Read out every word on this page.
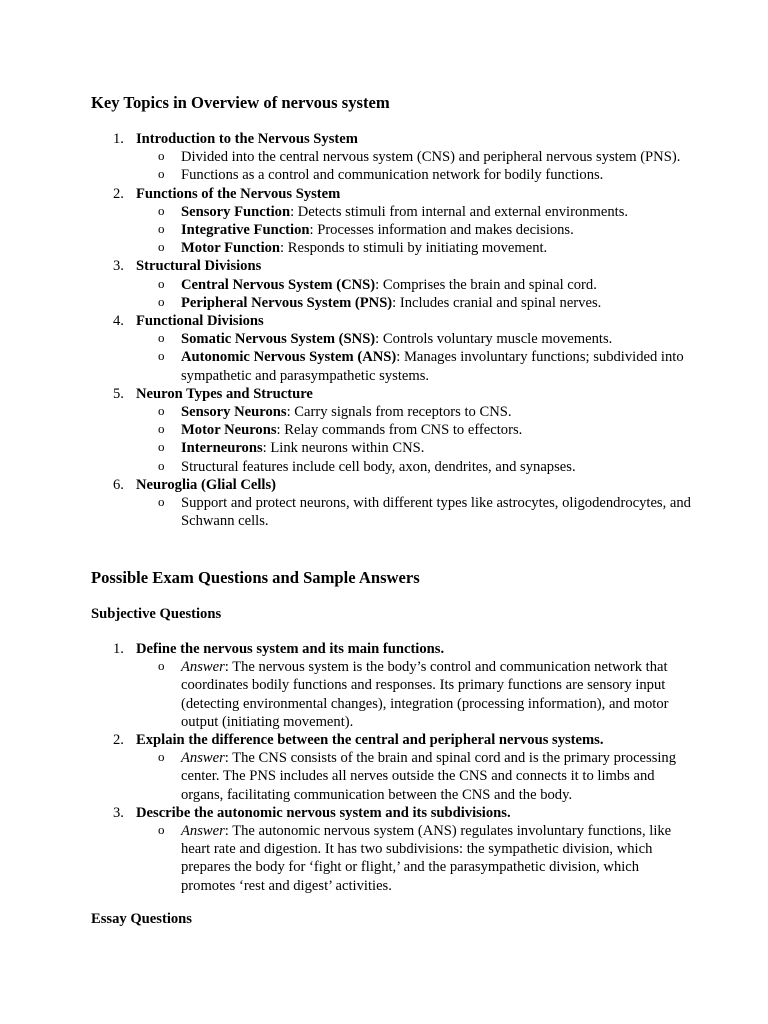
Key Topics in Overview of nervous system
1. Introduction to the Nervous System
o Divided into the central nervous system (CNS) and peripheral nervous system (PNS).
o Functions as a control and communication network for bodily functions.
2. Functions of the Nervous System
o Sensory Function: Detects stimuli from internal and external environments.
o Integrative Function: Processes information and makes decisions.
o Motor Function: Responds to stimuli by initiating movement.
3. Structural Divisions
o Central Nervous System (CNS): Comprises the brain and spinal cord.
o Peripheral Nervous System (PNS): Includes cranial and spinal nerves.
4. Functional Divisions
o Somatic Nervous System (SNS): Controls voluntary muscle movements.
o Autonomic Nervous System (ANS): Manages involuntary functions; subdivided into sympathetic and parasympathetic systems.
5. Neuron Types and Structure
o Sensory Neurons: Carry signals from receptors to CNS.
o Motor Neurons: Relay commands from CNS to effectors.
o Interneurons: Link neurons within CNS.
o Structural features include cell body, axon, dendrites, and synapses.
6. Neuroglia (Glial Cells)
o Support and protect neurons, with different types like astrocytes, oligodendrocytes, and Schwann cells.
Possible Exam Questions and Sample Answers
Subjective Questions
1. Define the nervous system and its main functions.
o Answer: The nervous system is the body’s control and communication network that coordinates bodily functions and responses. Its primary functions are sensory input (detecting environmental changes), integration (processing information), and motor output (initiating movement).
2. Explain the difference between the central and peripheral nervous systems.
o Answer: The CNS consists of the brain and spinal cord and is the primary processing center. The PNS includes all nerves outside the CNS and connects it to limbs and organs, facilitating communication between the CNS and the body.
3. Describe the autonomic nervous system and its subdivisions.
o Answer: The autonomic nervous system (ANS) regulates involuntary functions, like heart rate and digestion. It has two subdivisions: the sympathetic division, which prepares the body for ‘fight or flight,’ and the parasympathetic division, which promotes ‘rest and digest’ activities.
Essay Questions
